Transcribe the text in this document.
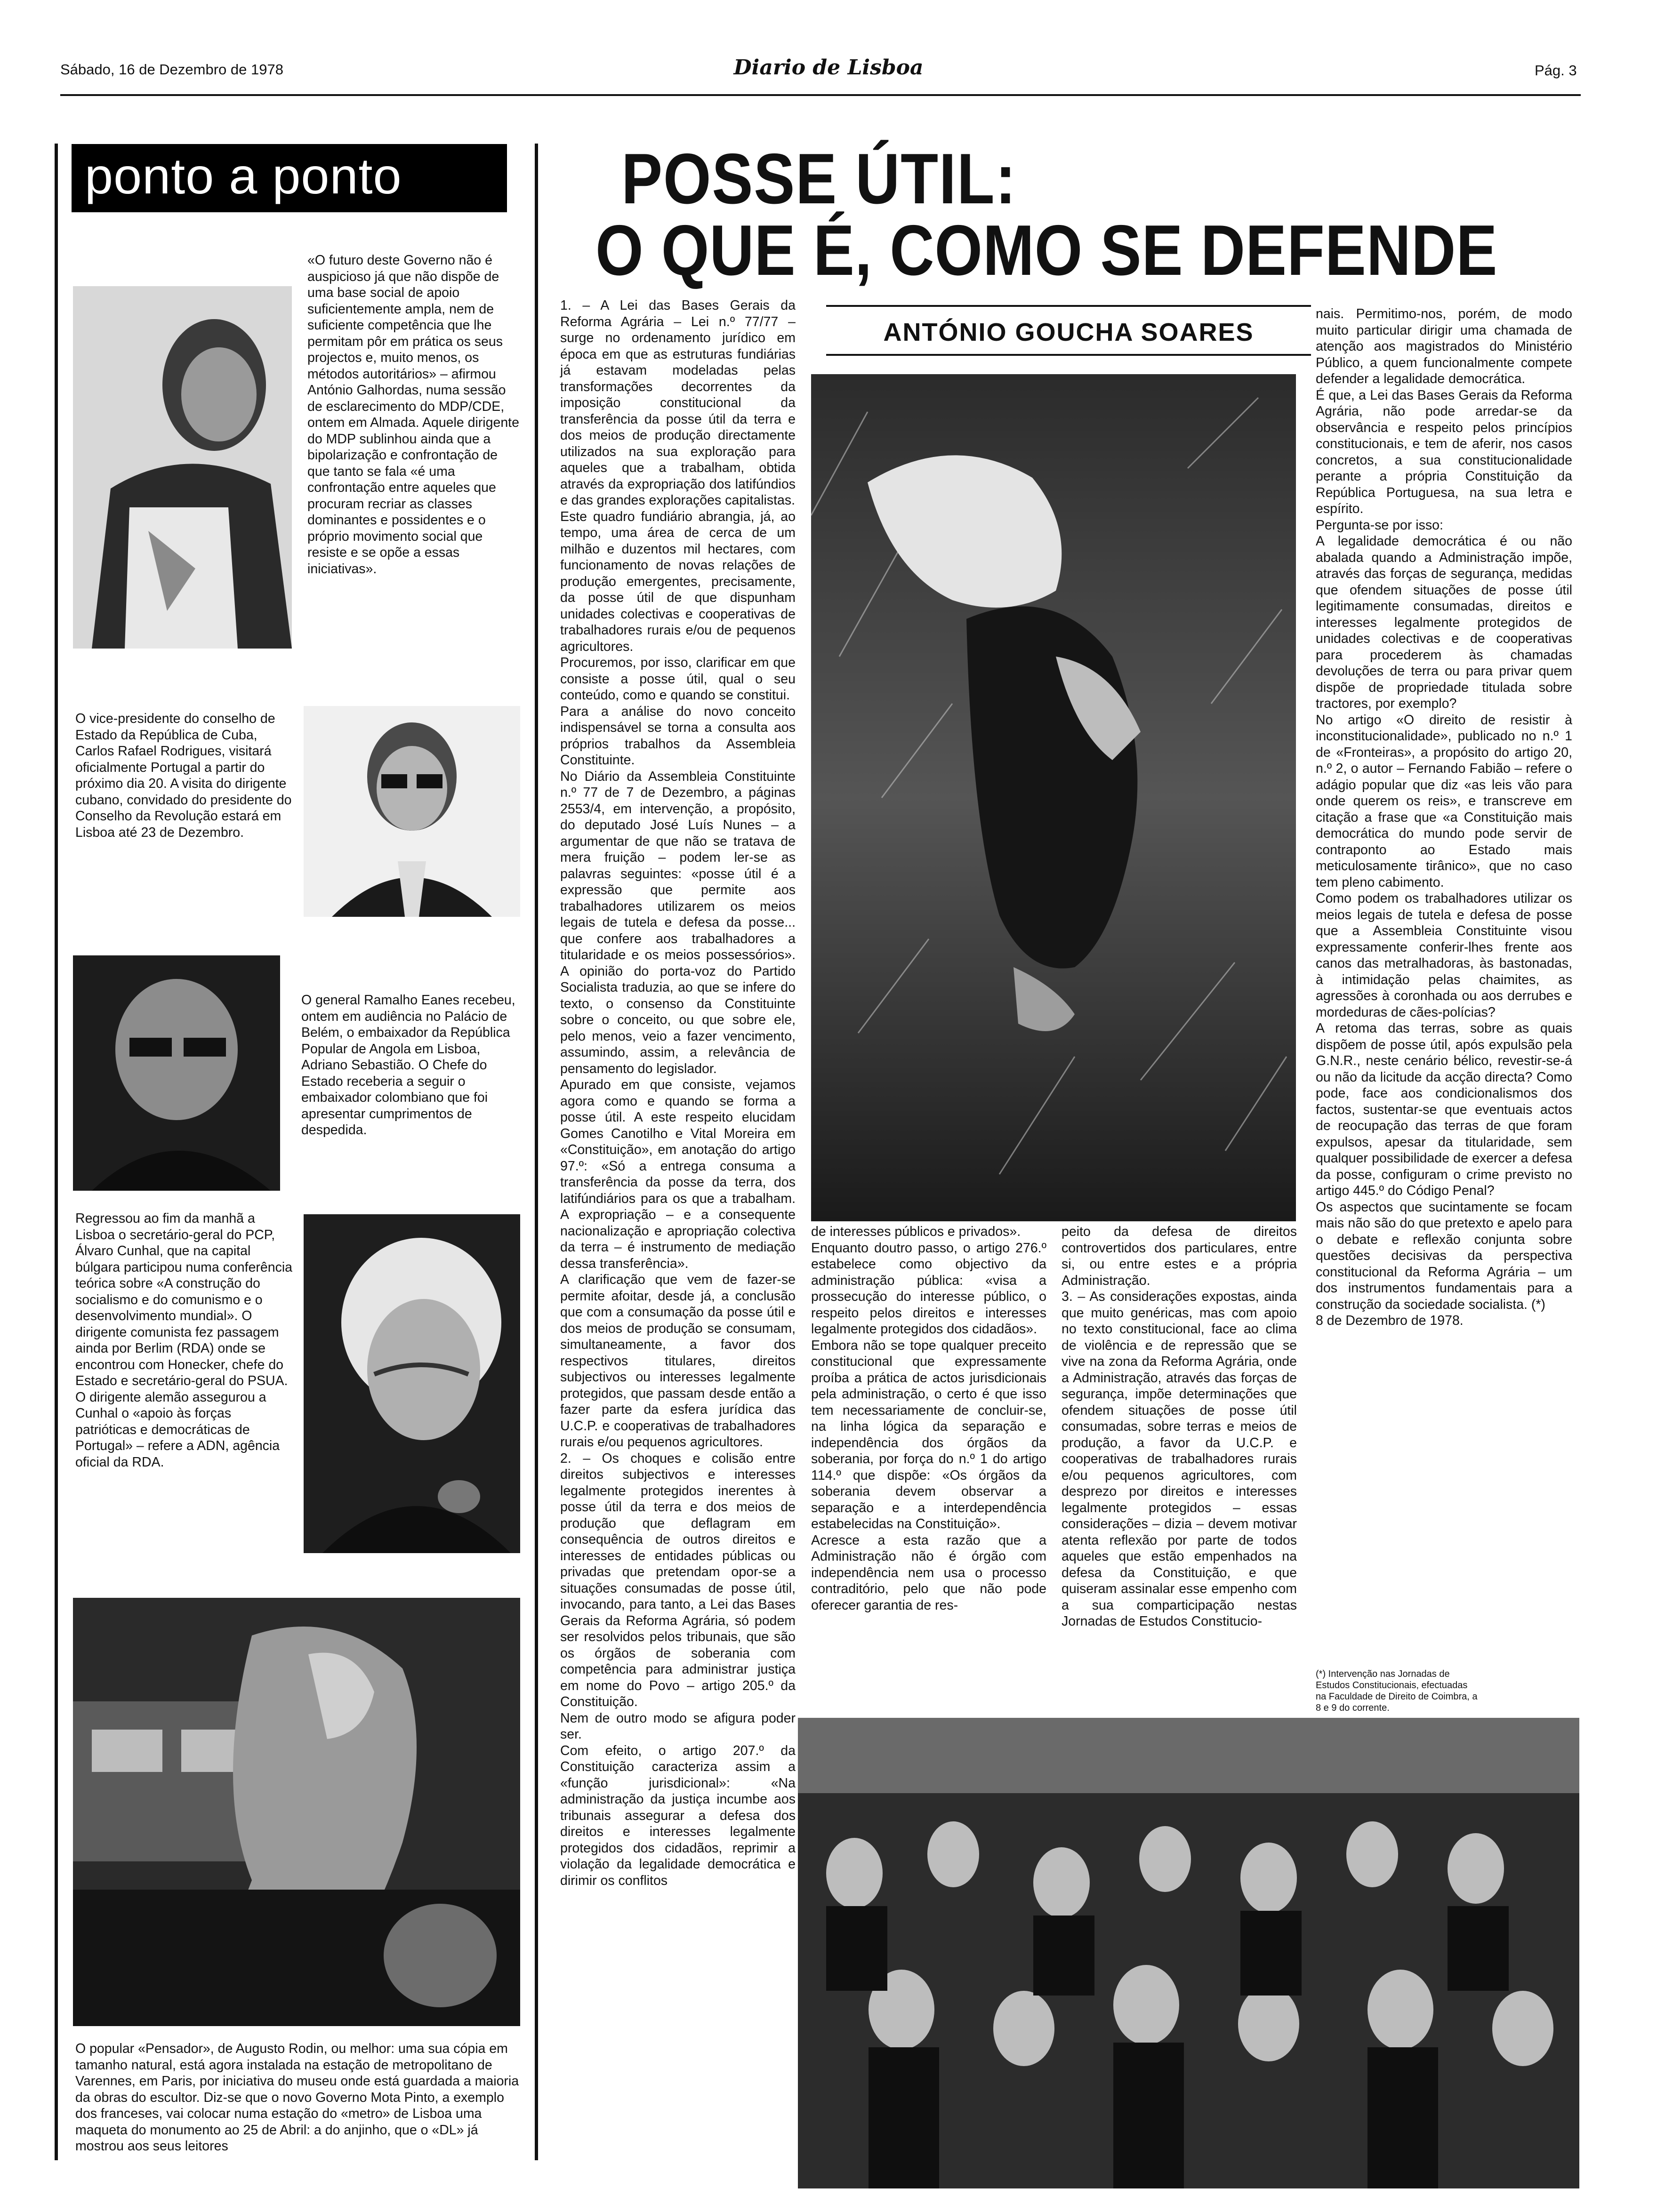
Sábado, 16 de Dezembro de 1978	Diario de Lisboa	Pág. 3
ponto a ponto
«O futuro deste Governo não é auspicioso já que não dispõe de uma base social de apoio suficientemente ampla, nem de suficiente competência que lhe permitam pôr em prática os seus projectos e, muito menos, os métodos autoritários» – afirmou António Galhordas, numa sessão de esclarecimento do MDP/CDE, ontem em Almada. Aquele dirigente do MDP sublinhou ainda que a bipolarização e confrontação de que tanto se fala «é uma confrontação entre aqueles que procuram recriar as classes dominantes e possidentes e o próprio movimento social que resiste e se opõe a essas iniciativas».
O vice-presidente do conselho de Estado da República de Cuba, Carlos Rafael Rodrigues, visitará oficialmente Portugal a partir do próximo dia 20. A visita do dirigente cubano, convidado do presidente do Conselho da Revolução estará em Lisboa até 23 de Dezembro.
O general Ramalho Eanes recebeu, ontem em audiência no Palácio de Belém, o embaixador da República Popular de Angola em Lisboa, Adriano Sebastião. O Chefe do Estado receberia a seguir o embaixador colombiano que foi apresentar cumprimentos de despedida.
Regressou ao fim da manhã a Lisboa o secretário-geral do PCP, Álvaro Cunhal, que na capital búlgara participou numa conferência teórica sobre «A construção do socialismo e do comunismo e o desenvolvimento mundial». O dirigente comunista fez passagem ainda por Berlim (RDA) onde se encontrou com Honecker, chefe do Estado e secretário-geral do PSUA. O dirigente alemão assegurou a Cunhal o «apoio às forças patrióticas e democráticas de Portugal» – refere a ADN, agência oficial da RDA.
O popular «Pensador», de Augusto Rodin, ou melhor: uma sua cópia em tamanho natural, está agora instalada na estação de metropolitano de Varennes, em Paris, por iniciativa do museu onde está guardada a maioria da obras do escultor. Diz-se que o novo Governo Mota Pinto, a exemplo dos franceses, vai colocar numa estação do «metro» de Lisboa uma maqueta do monumento ao 25 de Abril: a do anjinho, que o «DL» já mostrou aos seus leitores
POSSE ÚTIL:
O QUE É, COMO SE DEFENDE
ANTÓNIO GOUCHA SOARES
1. – A Lei das Bases Gerais da Reforma Agrária – Lei n.º 77/77 – surge no ordenamento jurídico em época em que as estruturas fundiárias já estavam modeladas pelas transformações decorrentes da imposição constitucional da transferência da posse útil da terra e dos meios de produção directamente utilizados na sua exploração para aqueles que a trabalham, obtida através da expropriação dos latifúndios e das grandes explorações capitalistas.
Este quadro fundiário abrangia, já, ao tempo, uma área de cerca de um milhão e duzentos mil hectares, com funcionamento de novas relações de produção emergentes, precisamente, da posse útil de que dispunham unidades colectivas e cooperativas de trabalhadores rurais e/ou de pequenos agricultores.
Procuremos, por isso, clarificar em que consiste a posse útil, qual o seu conteúdo, como e quando se constitui.
Para a análise do novo conceito indispensável se torna a consulta aos próprios trabalhos da Assembleia Constituinte.
No Diário da Assembleia Constituinte n.º 77 de 7 de Dezembro, a páginas 2553/4, em intervenção, a propósito, do deputado José Luís Nunes – a argumentar de que não se tratava de mera fruição – podem ler-se as palavras seguintes: «posse útil é a expressão que permite aos trabalhadores utilizarem os meios legais de tutela e defesa da posse... que confere aos trabalhadores a titularidade e os meios possessórios». A opinião do porta-voz do Partido Socialista traduzia, ao que se infere do texto, o consenso da Constituinte sobre o conceito, ou que sobre ele, pelo menos, veio a fazer vencimento, assumindo, assim, a relevância de pensamento do legislador.
Apurado em que consiste, vejamos agora como e quando se forma a posse útil. A este respeito elucidam Gomes Canotilho e Vital Moreira em «Constituição», em anotação do artigo 97.º: «Só a entrega consuma a transferência da posse da terra, dos latifúndiários para os que a trabalham. A expropriação – e a consequente nacionalização e apropriação colectiva da terra – é instrumento de mediação dessa transferência».
A clarificação que vem de fazer-se permite afoitar, desde já, a conclusão que com a consumação da posse útil e dos meios de produção se consumam, simultaneamente, a favor dos respectivos titulares, direitos subjectivos ou interesses legalmente protegidos, que passam desde então a fazer parte da esfera jurídica das U.C.P. e cooperativas de trabalhadores rurais e/ou pequenos agricultores.
2. – Os choques e colisão entre direitos subjectivos e interesses legalmente protegidos inerentes à posse útil da terra e dos meios de produção que deflagram em consequência de outros direitos e interesses de entidades públicas ou privadas que pretendam opor-se a situações consumadas de posse útil, invocando, para tanto, a Lei das Bases Gerais da Reforma Agrária, só podem ser resolvidos pelos tribunais, que são os órgãos de soberania com competência para administrar justiça em nome do Povo – artigo 205.º da Constituição.
Nem de outro modo se afigura poder ser.
Com efeito, o artigo 207.º da Constituição caracteriza assim a «função jurisdicional»: «Na administração da justiça incumbe aos tribunais assegurar a defesa dos direitos e interesses legalmente protegidos dos cidadãos, reprimir a violação da legalidade democrática e dirimir os conflitos
de interesses públicos e privados».
Enquanto doutro passo, o artigo 276.º estabelece como objectivo da administração pública: «visa a prossecução do interesse público, o respeito pelos direitos e interesses legalmente protegidos dos cidadãos».
Embora não se tope qualquer preceito constitucional que expressamente proíba a prática de actos jurisdicionais pela administração, o certo é que isso tem necessariamente de concluir-se, na linha lógica da separação e independência dos órgãos da soberania, por força do n.º 1 do artigo 114.º que dispõe: «Os órgãos da soberania devem observar a separação e a interdependência estabelecidas na Constituição».
Acresce a esta razão que a Administração não é órgão com independência nem usa o processo contraditório, pelo que não pode oferecer garantia de res-
peito da defesa de direitos controvertidos dos particulares, entre si, ou entre estes e a própria Administração.
3. – As considerações expostas, ainda que muito genéricas, mas com apoio no texto constitucional, face ao clima de violência e de repressão que se vive na zona da Reforma Agrária, onde a Administração, através das forças de segurança, impõe determinações que ofendem situações de posse útil consumadas, sobre terras e meios de produção, a favor da U.C.P. e cooperativas de trabalhadores rurais e/ou pequenos agricultores, com desprezo por direitos e interesses legalmente protegidos – essas considerações – dizia – devem motivar atenta reflexão por parte de todos aqueles que estão empenhados na defesa da Constituição, e que quiseram assinalar esse empenho com a sua comparticipação nestas Jornadas de Estudos Constitucio-
nais. Permitimo-nos, porém, de modo muito particular dirigir uma chamada de atenção aos magistrados do Ministério Público, a quem funcionalmente compete defender a legalidade democrática.
É que, a Lei das Bases Gerais da Reforma Agrária, não pode arredar-se da observância e respeito pelos princípios constitucionais, e tem de aferir, nos casos concretos, a sua constitucionalidade perante a própria Constituição da República Portuguesa, na sua letra e espírito.
Pergunta-se por isso:
A legalidade democrática é ou não abalada quando a Administração impõe, através das forças de segurança, medidas que ofendem situações de posse útil legitimamente consumadas, direitos e interesses legalmente protegidos de unidades colectivas e de cooperativas para procederem às chamadas devoluções de terra ou para privar quem dispõe de propriedade titulada sobre tractores, por exemplo?
No artigo «O direito de resistir à inconstitucionalidade», publicado no n.º 1 de «Fronteiras», a propósito do artigo 20, n.º 2, o autor – Fernando Fabião – refere o adágio popular que diz «as leis vão para onde querem os reis», e transcreve em citação a frase que «a Constituição mais democrática do mundo pode servir de contraponto ao Estado mais meticulosamente tirânico», que no caso tem pleno cabimento.
Como podem os trabalhadores utilizar os meios legais de tutela e defesa de posse que a Assembleia Constituinte visou expressamente conferir-lhes frente aos canos das metralhadoras, às bastonadas, à intimidação pelas chaimites, as agressões à coronhada ou aos derrubes e mordeduras de cães-polícias?
A retoma das terras, sobre as quais dispõem de posse útil, após expulsão pela G.N.R., neste cenário bélico, revestir-se-á ou não da licitude da acção directa? Como pode, face aos condicionalismos dos factos, sustentar-se que eventuais actos de reocupação das terras de que foram expulsos, apesar da titularidade, sem qualquer possibilidade de exercer a defesa da posse, configuram o crime previsto no artigo 445.º do Código Penal?
Os aspectos que sucintamente se focam mais não são do que pretexto e apelo para o debate e reflexão conjunta sobre questões decisivas da perspectiva constitucional da Reforma Agrária – um dos instrumentos fundamentais para a construção da sociedade socialista. (*)
8 de Dezembro de 1978.
(*) Intervenção nas Jornadas de Estudos Constitucionais, efectuadas na Faculdade de Direito de Coimbra, a 8 e 9 do corrente.
